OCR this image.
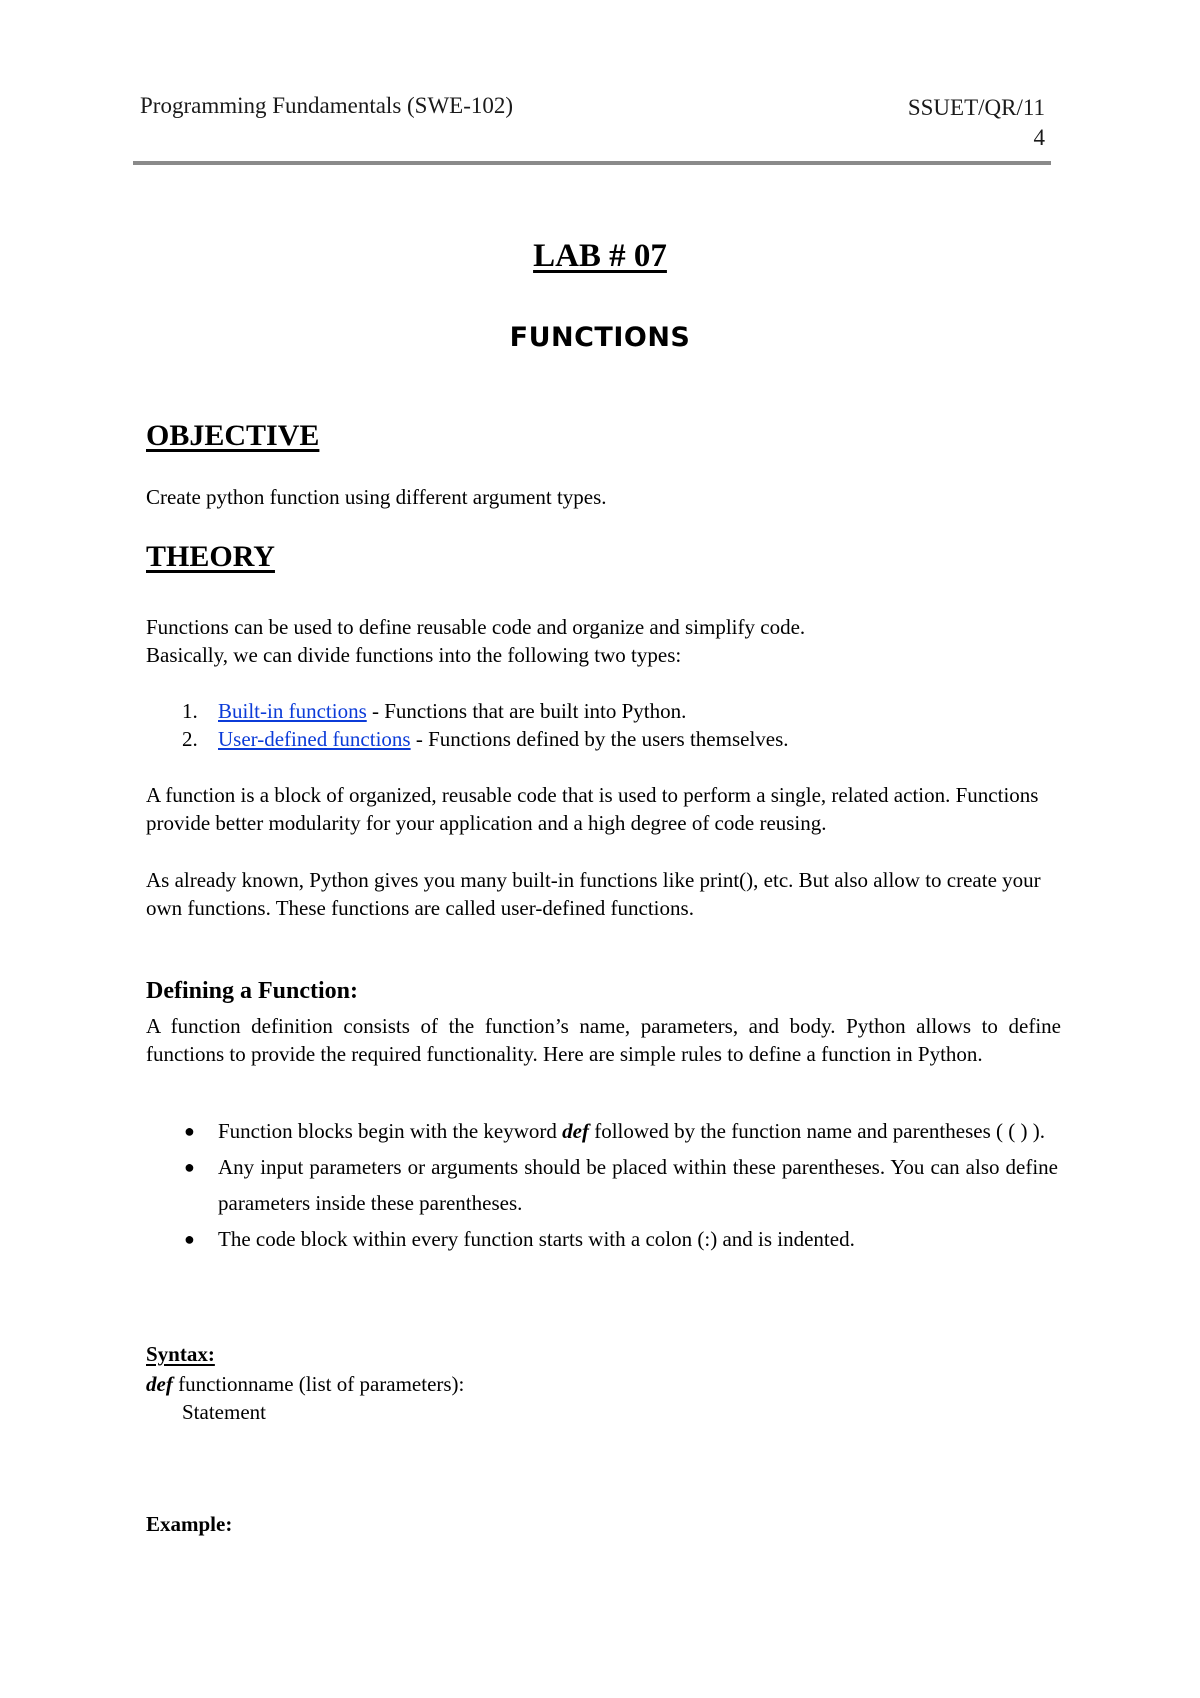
Programming Fundamentals (SWE-102)	SSUET/QR/11
4
LAB # 07
FUNCTIONS
OBJECTIVE
Create python function using different argument types.
THEORY
Functions can be used to define reusable code and organize and simplify code.
Basically, we can divide functions into the following two types:
1. Built-in functions - Functions that are built into Python.
2. User-defined functions - Functions defined by the users themselves.
A function is a block of organized, reusable code that is used to perform a single, related action. Functions provide better modularity for your application and a high degree of code reusing.
As already known, Python gives you many built-in functions like print(), etc. But also allow to create your own functions. These functions are called user-defined functions.
Defining a Function:
A function definition consists of the function’s name, parameters, and body. Python allows to define functions to provide the required functionality. Here are simple rules to define a function in Python.
● Function blocks begin with the keyword def followed by the function name and parentheses ( ( ) ).
● Any input parameters or arguments should be placed within these parentheses. You can also define parameters inside these parentheses.
● The code block within every function starts with a colon (:) and is indented.
Syntax:
def functionname (list of parameters):
Statement
Example:
